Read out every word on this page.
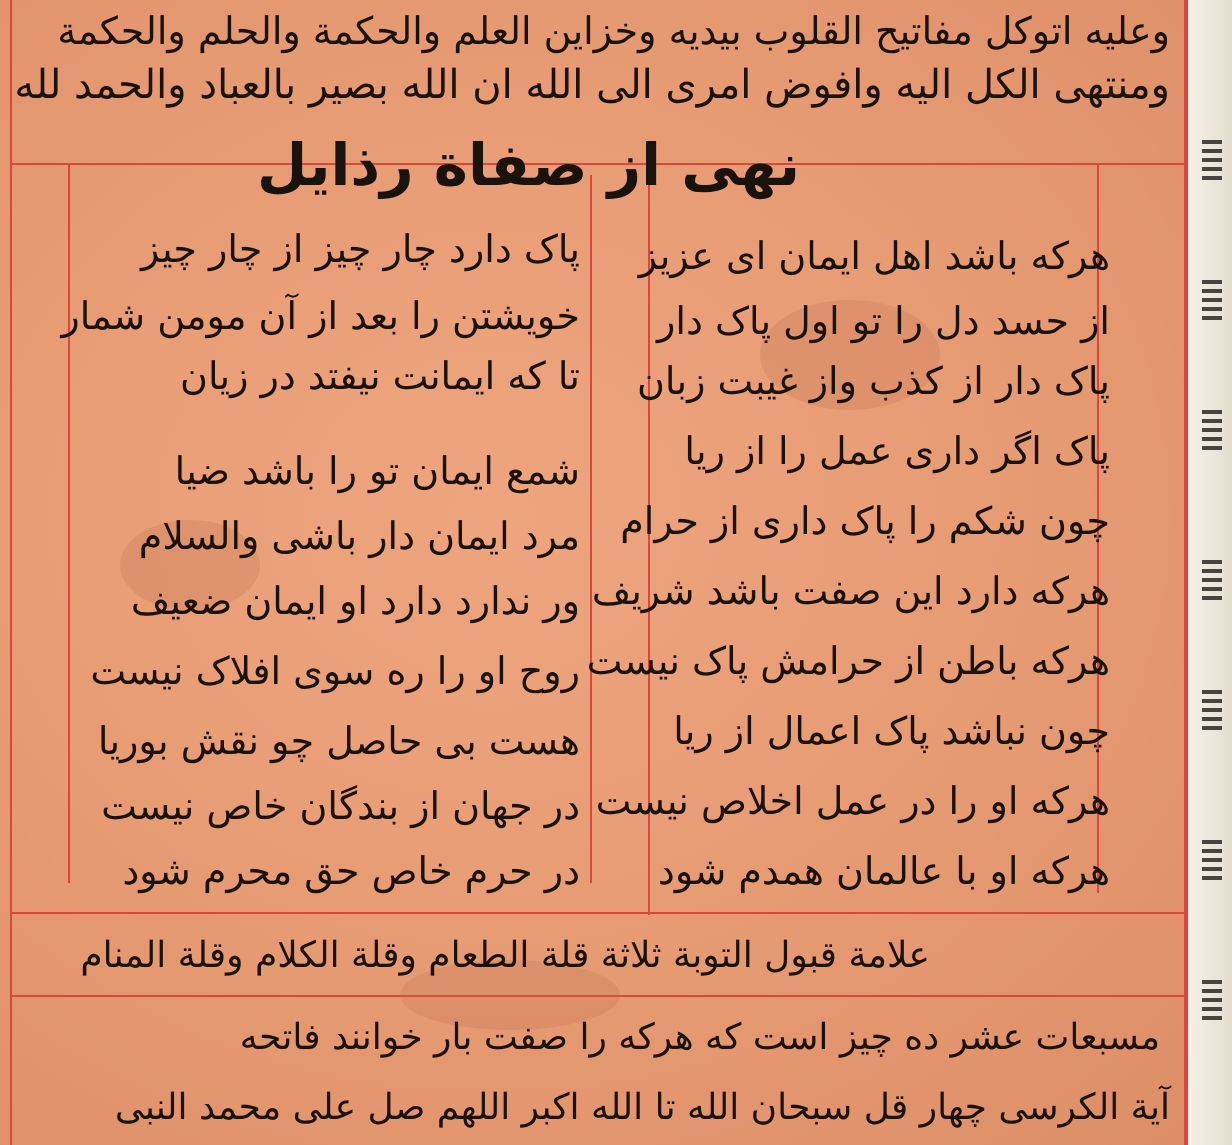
وعلیه اتوکل مفاتیح القلوب بیدیه وخزاین العلم والحکمة والحلم والحکمة
ومنتهی الکل الیه وافوض امری الی الله ان الله بصیر بالعباد والحمد لله
نهی از صفاة رذایل
هرکه باشد اهل ایمان ای عزیز
از حسد دل را تو اول پاک دار
پاک دار از کذب واز غیبت زبان
پاک اگر داری عمل را از ریا
چون شکم را پاک داری از حرام
هرکه دارد این صفت باشد شریف
هرکه باطن از حرامش پاک نیست
چون نباشد پاک اعمال از ریا
هرکه او را در عمل اخلاص نیست
هرکه او با عالمان همدم شود
پاک دارد چار چیز از چار چیز
خویشتن را بعد از آن مومن شمار
تا که ایمانت نیفتد در زیان
شمع ایمان تو را باشد ضیا
مرد ایمان دار باشی والسلام
ور ندارد دارد او ایمان ضعیف
روح او را ره سوی افلاک نیست
هست بی حاصل چو نقش بوریا
در جهان از بندگان خاص نیست
در حرم خاص حق محرم شود
علامة قبول التوبة ثلاثة قلة الطعام وقلة الکلام وقلة المنام
مسبعات عشر ده چیز است که هرکه را صفت بار خوانند فاتحه
آیة الکرسی چهار قل سبحان الله تا الله اکبر اللهم صل علی محمد النبی
